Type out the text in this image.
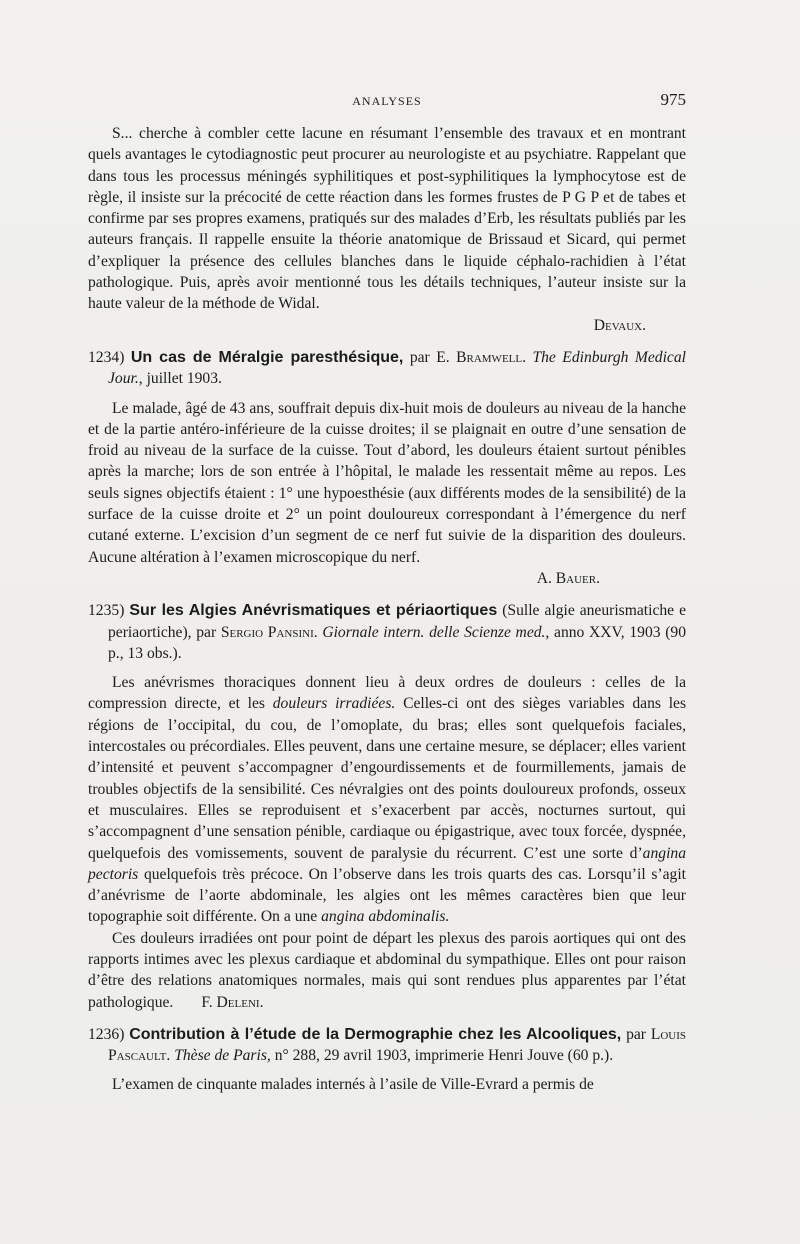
ANALYSES	975

S... cherche à combler cette lacune en résumant l’ensemble des travaux et en montrant quels avantages le cytodiagnostic peut procurer au neurologiste et au psychiatre. Rappelant que dans tous les processus méningés syphilitiques et post-syphilitiques la lymphocytose est de règle, il insiste sur la précocité de cette réaction dans les formes frustes de P G P et de tabes et confirme par ses propres examens, pratiqués sur des malades d’Erb, les résultats publiés par les auteurs français. Il rappelle ensuite la théorie anatomique de Brissaud et Sicard, qui permet d’expliquer la présence des cellules blanches dans le liquide céphalo-rachidien à l’état pathologique. Puis, après avoir mentionné tous les détails techniques, l’auteur insiste sur la haute valeur de la méthode de Widal.

Devaux.

1234) Un cas de Méralgie paresthésique, par E. Bramwell. The Edinburgh Medical Jour., juillet 1903.

Le malade, âgé de 43 ans, souffrait depuis dix-huit mois de douleurs au niveau de la hanche et de la partie antéro-inférieure de la cuisse droites; il se plaignait en outre d’une sensation de froid au niveau de la surface de la cuisse. Tout d’abord, les douleurs étaient surtout pénibles après la marche; lors de son entrée à l’hôpital, le malade les ressentait même au repos. Les seuls signes objectifs étaient : 1° une hypoesthésie (aux différents modes de la sensibilité) de la surface de la cuisse droite et 2° un point douloureux correspondant à l’émergence du nerf cutané externe. L’excision d’un segment de ce nerf fut suivie de la disparition des douleurs. Aucune altération à l’examen microscopique du nerf.

A. Bauer.

1235) Sur les Algies Anévrismatiques et périaortiques (Sulle algie aneurismatiche e periaortiche), par Sergio Pansini. Giornale intern. delle Scienze med., anno XXV, 1903 (90 p., 13 obs.).

Les anévrismes thoraciques donnent lieu à deux ordres de douleurs : celles de la compression directe, et les douleurs irradiées. Celles-ci ont des sièges variables dans les régions de l’occipital, du cou, de l’omoplate, du bras; elles sont quelquefois faciales, intercostales ou précordiales. Elles peuvent, dans une certaine mesure, se déplacer; elles varient d’intensité et peuvent s’accompagner d’engourdissements et de fourmillements, jamais de troubles objectifs de la sensibilité. Ces névralgies ont des points douloureux profonds, osseux et musculaires. Elles se reproduisent et s’exacerbent par accès, nocturnes surtout, qui s’accompagnent d’une sensation pénible, cardiaque ou épigastrique, avec toux forcée, dyspnée, quelquefois des vomissements, souvent de paralysie du récurrent. C’est une sorte d’angina pectoris quelquefois très précoce. On l’observe dans les trois quarts des cas. Lorsqu’il s’agit d’anévrisme de l’aorte abdominale, les algies ont les mêmes caractères bien que leur topographie soit différente. On a une angina abdominalis.

Ces douleurs irradiées ont pour point de départ les plexus des parois aortiques qui ont des rapports intimes avec les plexus cardiaque et abdominal du sympathique. Elles ont pour raison d’être des relations anatomiques normales, mais qui sont rendues plus apparentes par l’état pathologique. F. Deleni.

1236) Contribution à l’étude de la Dermographie chez les Alcooliques, par Louis Pascault. Thèse de Paris, n° 288, 29 avril 1903, imprimerie Henri Jouve (60 p.).

L’examen de cinquante malades internés à l’asile de Ville-Evrard a permis de
